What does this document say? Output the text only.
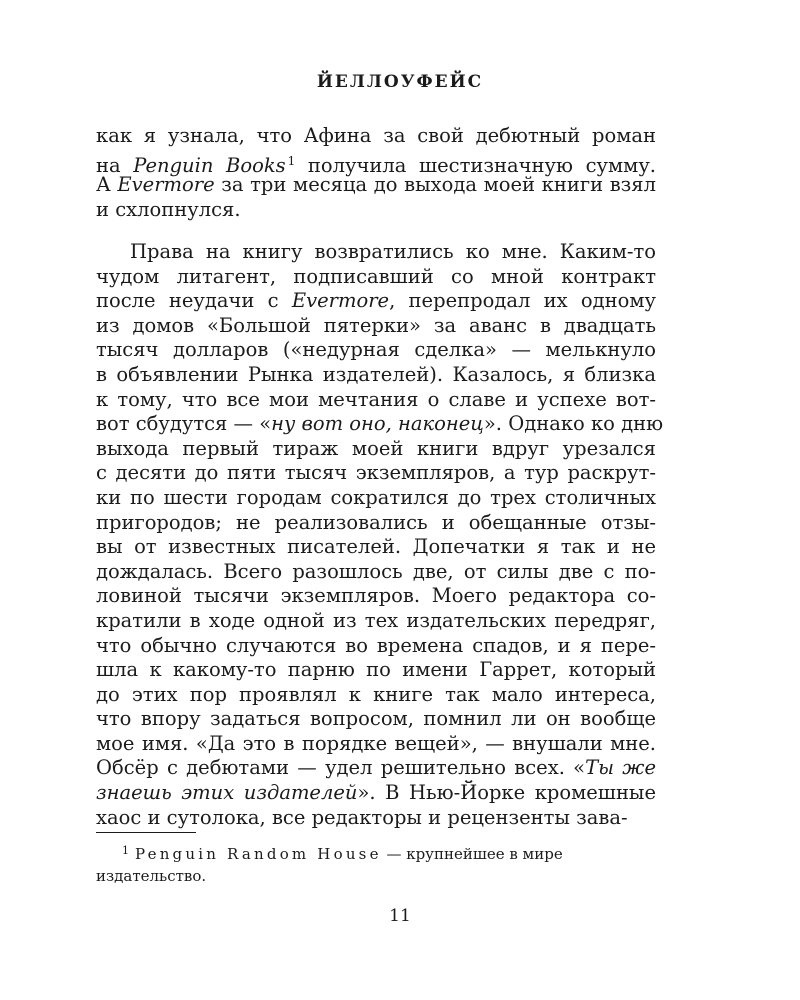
ЙЕЛЛОУФЕЙС
как я узнала, что Афина за свой дебютный роман
на Penguin Books $^1$ получила шестизначную сумму.
А Evermore за три месяца до выхода моей книги взял
и схлопнулся.
Права на книгу возвратились ко мне. Каким-то
чудом литагент, подписавший со мной контракт
после неудачи с Evermore, перепродал их одному
из домов «Большой пятерки» за аванс в двадцать
тысяч долларов («недурная сделка» — мелькнуло
в объявлении Рынка издателей). Казалось, я близка
к тому, что все мои мечтания о славе и успехе вот-
вот сбудутся — «ну вот оно, наконец». Однако ко дню
выхода первый тираж моей книги вдруг урезался
с десяти до пяти тысяч экземпляров, а тур раскрут-
ки по шести городам сократился до трех столичных
пригородов; не реализовались и обещанные отзы-
вы от известных писателей. Допечатки я так и не
дождалась. Всего разошлось две, от силы две с по-
ловиной тысячи экземпляров. Моего редактора со-
кратили в ходе одной из тех издательских передряг,
что обычно случаются во времена спадов, и я пере-
шла к какому-то парню по имени Гаррет, который
до этих пор проявлял к книге так мало интереса,
что впору задаться вопросом, помнил ли он вообще
мое имя. «Да это в порядке вещей», — внушали мне.
Обсёр с дебютами — удел решительно всех. «Ты же
знаешь этих издателей». В Нью-Йорке кромешные
хаос и сутолока, все редакторы и рецензенты зава-
$^1$ Penguin Random House — крупнейшее в мире
издательство.
11
